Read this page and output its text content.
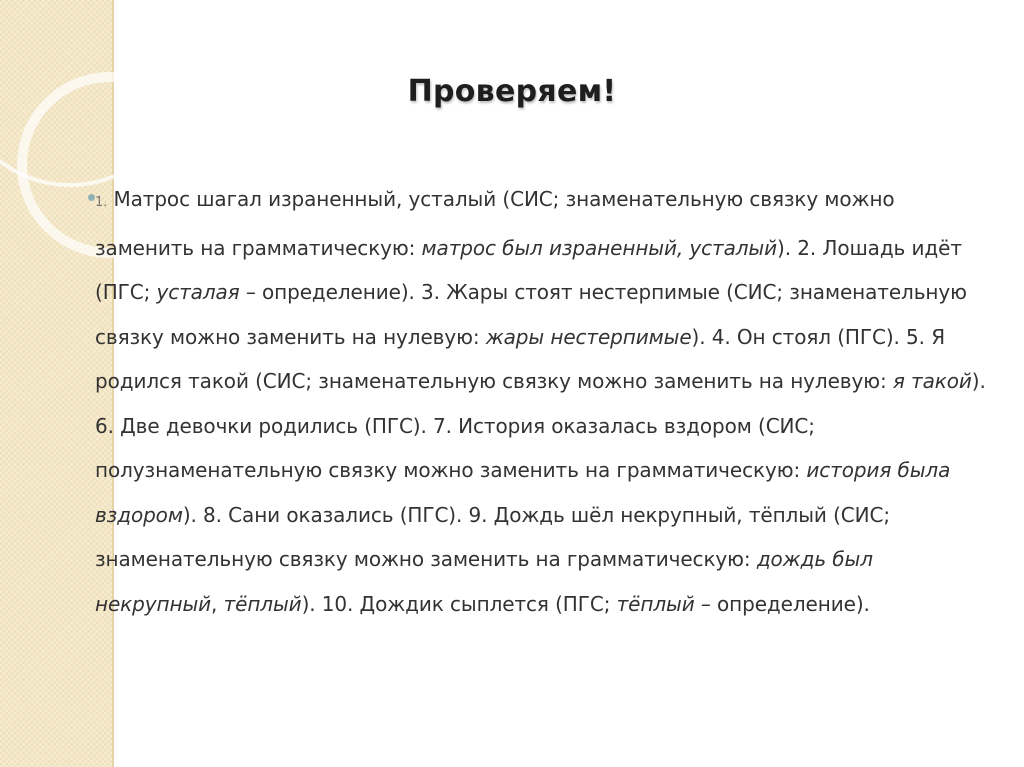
Проверяем!
1. Матрос шагал израненный, усталый (СИС; знаменательную связку можно заменить на грамматическую: матрос был израненный, усталый). 2. Лошадь идёт (ПГС; усталая – определение). 3. Жары стоят нестерпимые (СИС; знаменательную связку можно заменить на нулевую: жары нестерпимые). 4. Он стоял (ПГС). 5. Я родился такой (СИС; знаменательную связку можно заменить на нулевую: я такой). 6. Две девочки родились (ПГС). 7. История оказалась вздором (СИС; полузнаменательную связку можно заменить на грамматическую: история была вздором). 8. Сани оказались (ПГС). 9. Дождь шёл некрупный, тёплый (СИС; знаменательную связку можно заменить на грамматическую: дождь был некрупный, тёплый). 10. Дождик сыплется (ПГС; тёплый – определение).
